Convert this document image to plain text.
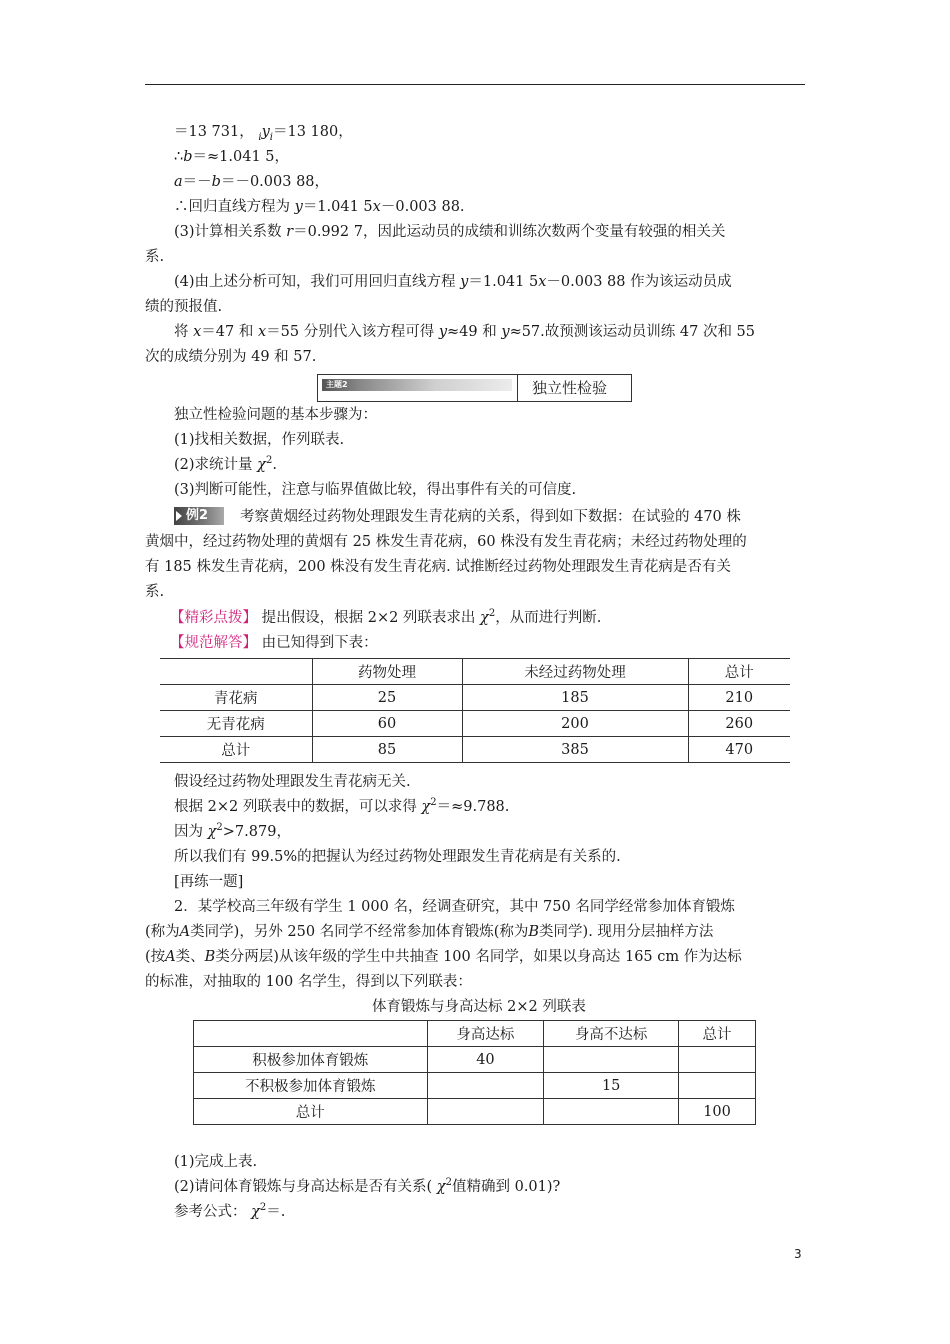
＝13 731， $_iy_i=13$ 180，
∴b＝≈1.041 5，
a＝－b＝－0.003 88，
∴回归直线方程为 y＝1.041 5x－0.003 88.
(3)计算相关系数 r＝0.992 7，因此运动员的成绩和训练次数两个变量有较强的相关关
系.
(4)由上述分析可知，我们可用回归直线方程 y＝1.041 5x－0.003 88 作为该运动员成
绩的预报值.
将 x＝47 和 x＝55 分别代入该方程可得 y≈49 和 y≈57.故预测该运动员训练 47 次和 55
次的成绩分别为 49 和 57.
主题2	独立性检验
独立性检验问题的基本步骤为：
(1)找相关数据，作列联表.
(2)求统计量 $\chi^2$.
(3)判断可能性，注意与临界值做比较，得出事件有关的可信度.
例2	考察黄烟经过药物处理跟发生青花病的关系，得到如下数据：在试验的 470 株
黄烟中，经过药物处理的黄烟有 25 株发生青花病，60 株没有发生青花病；未经过药物处理的
有 185 株发生青花病，200 株没有发生青花病. 试推断经过药物处理跟发生青花病是否有关
系.
【精彩点拨】 提出假设，根据 2×2 列联表求出 $\chi^2$，从而进行判断.
【规范解答】 由已知得到下表：
	药物处理	未经过药物处理	总计
青花病	25	185	210
无青花病	60	200	260
总计	85	385	470
假设经过药物处理跟发生青花病无关.
根据 2×2 列联表中的数据，可以求得 $\chi^2=\approx 9.788$.
因为 $\chi^2>7.879$，
所以我们有 99.5%的把握认为经过药物处理跟发生青花病是有关系的.
[再练一题]
2．某学校高三年级有学生 1 000 名，经调查研究，其中 750 名同学经常参加体育锻炼
(称为A类同学)，另外 250 名同学不经常参加体育锻炼(称为B类同学). 现用分层抽样方法
(按A类、B类分两层)从该年级的学生中共抽查 100 名同学，如果以身高达 165 cm 作为达标
的标准，对抽取的 100 名学生，得到以下列联表：
体育锻炼与身高达标 2×2 列联表
	身高达标	身高不达标	总计
积极参加体育锻炼	40		
不积极参加体育锻炼		15	
总计			100
(1)完成上表.
(2)请问体育锻炼与身高达标是否有关系( $\chi^2$值精确到 0.01)?
参考公式： $\chi^2=$.
3
